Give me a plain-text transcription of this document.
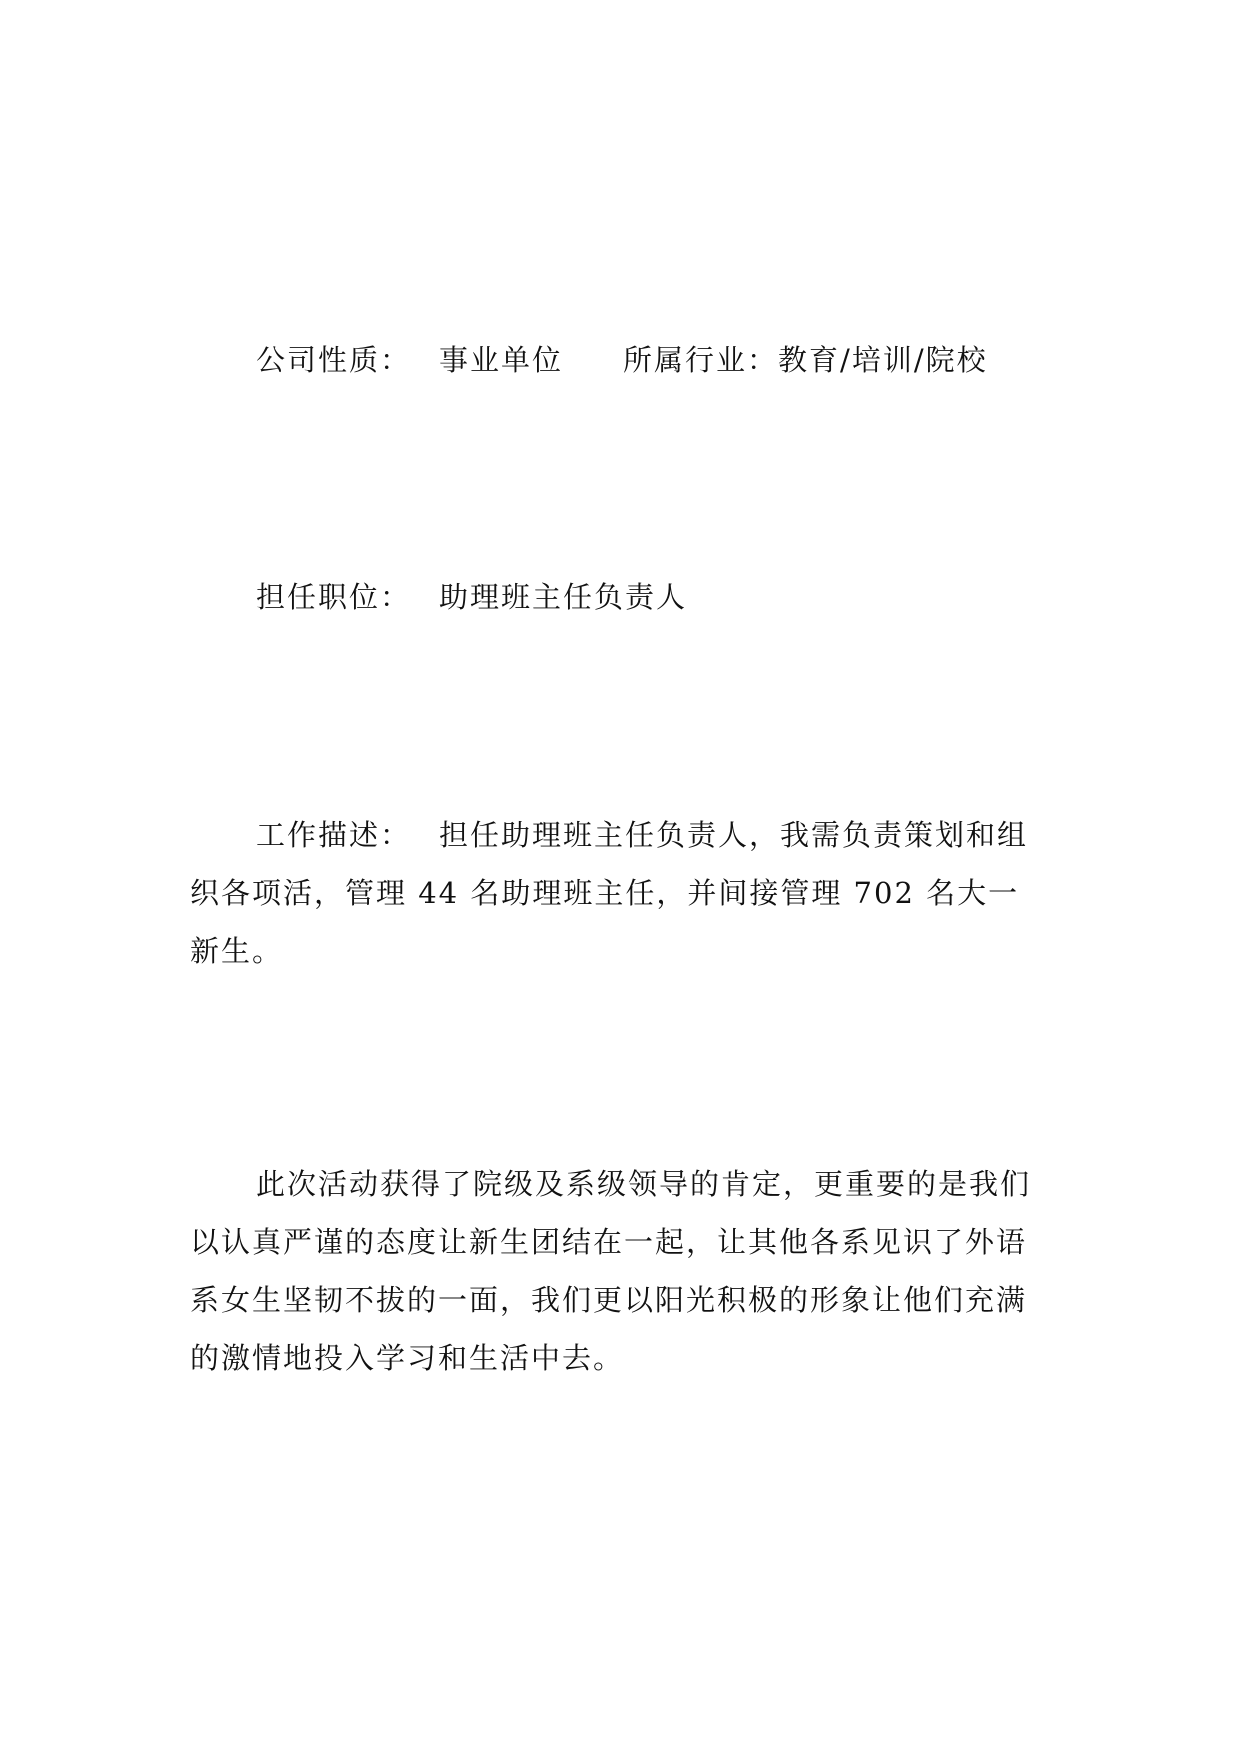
公司性质： 事业单位 所属行业：教育/培训/院校

担任职位： 助理班主任负责人

工作描述： 担任助理班主任负责人，我需负责策划和组织各项活，管理 44 名助理班主任，并间接管理 702 名大一新生。

此次活动获得了院级及系级领导的肯定，更重要的是我们以认真严谨的态度让新生团结在一起，让其他各系见识了外语系女生坚韧不拔的一面，我们更以阳光积极的形象让他们充满的激情地投入学习和生活中去。
